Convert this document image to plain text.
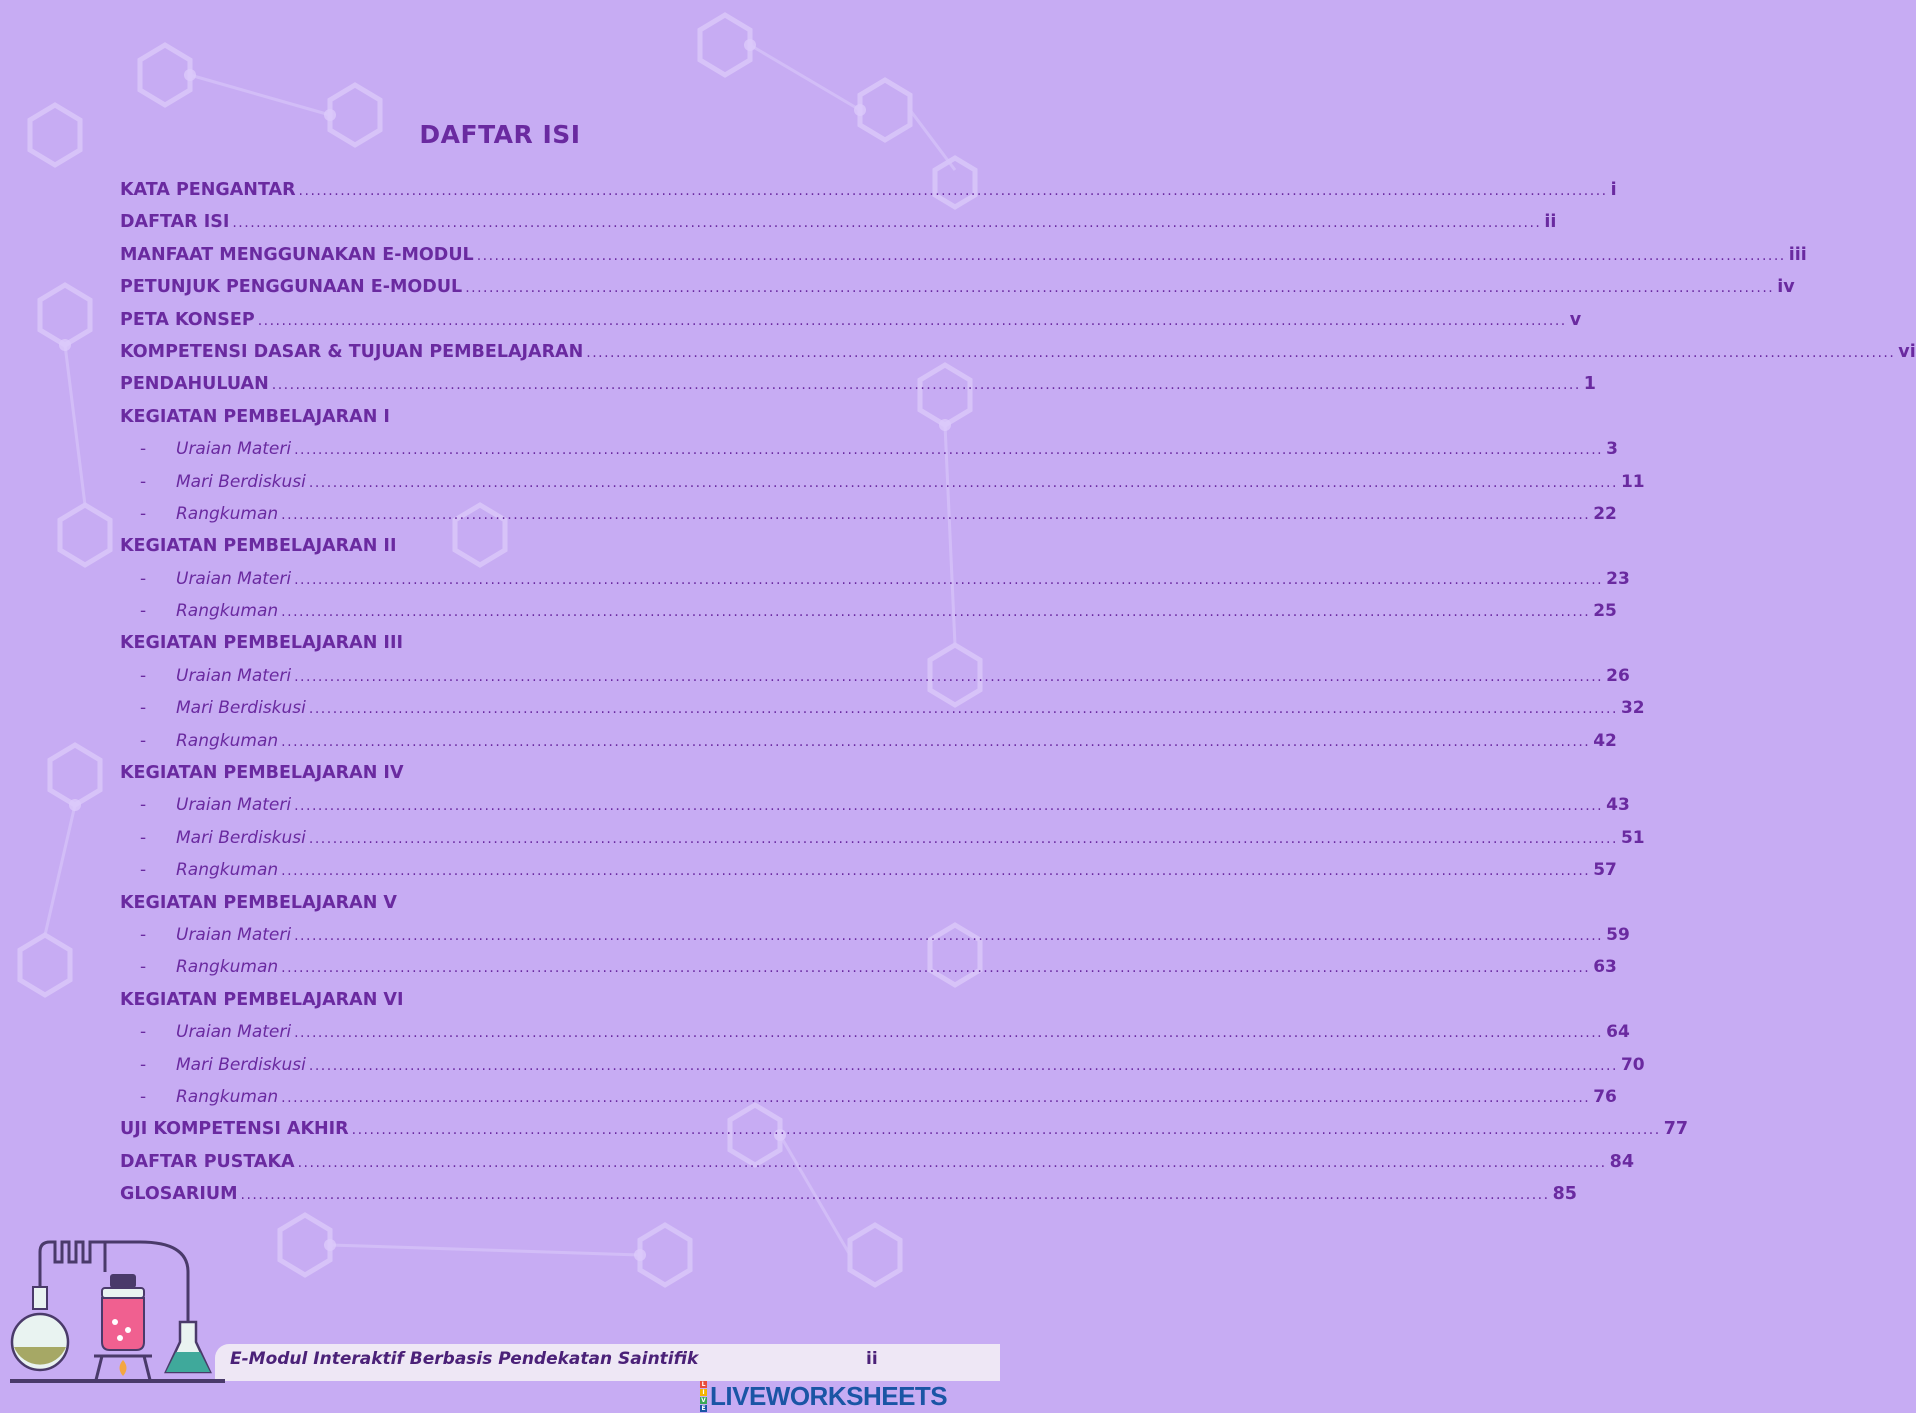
DAFTAR ISI
KATA PENGANTAR ............................................................................................................................................................................................................................ i
DAFTAR ISI ............................................................................................................................................................................................................................ ii
MANFAAT MENGGUNAKAN E-MODUL ............................................................................................................................................................................................................................ iii
PETUNJUK PENGGUNAAN E-MODUL ............................................................................................................................................................................................................................ iv
PETA KONSEP ............................................................................................................................................................................................................................ v
KOMPETENSI DASAR & TUJUAN PEMBELAJARAN ............................................................................................................................................................................................................................ vi
PENDAHULUAN ............................................................................................................................................................................................................................ 1
KEGIATAN PEMBELAJARAN I
-	Uraian Materi ............................................................................................................................................................................................................................ 3
-	Mari Berdiskusi ............................................................................................................................................................................................................................ 11
-	Rangkuman ............................................................................................................................................................................................................................ 22
KEGIATAN PEMBELAJARAN II
-	Uraian Materi ............................................................................................................................................................................................................................ 23
-	Rangkuman ............................................................................................................................................................................................................................ 25
KEGIATAN PEMBELAJARAN III
-	Uraian Materi ............................................................................................................................................................................................................................ 26
-	Mari Berdiskusi ............................................................................................................................................................................................................................ 32
-	Rangkuman ............................................................................................................................................................................................................................ 42
KEGIATAN PEMBELAJARAN IV
-	Uraian Materi ............................................................................................................................................................................................................................ 43
-	Mari Berdiskusi ............................................................................................................................................................................................................................ 51
-	Rangkuman ............................................................................................................................................................................................................................ 57
KEGIATAN PEMBELAJARAN V
-	Uraian Materi ............................................................................................................................................................................................................................ 59
-	Rangkuman ............................................................................................................................................................................................................................ 63
KEGIATAN PEMBELAJARAN VI
-	Uraian Materi ............................................................................................................................................................................................................................ 64
-	Mari Berdiskusi ............................................................................................................................................................................................................................ 70
-	Rangkuman ............................................................................................................................................................................................................................ 76
UJI KOMPETENSI AKHIR ............................................................................................................................................................................................................................ 77
DAFTAR PUSTAKA ............................................................................................................................................................................................................................ 84
GLOSARIUM ............................................................................................................................................................................................................................ 85
E-Modul Interaktif Berbasis Pendekatan Saintifik	ii
L
I
V
E LIVEWORKSHEETS
